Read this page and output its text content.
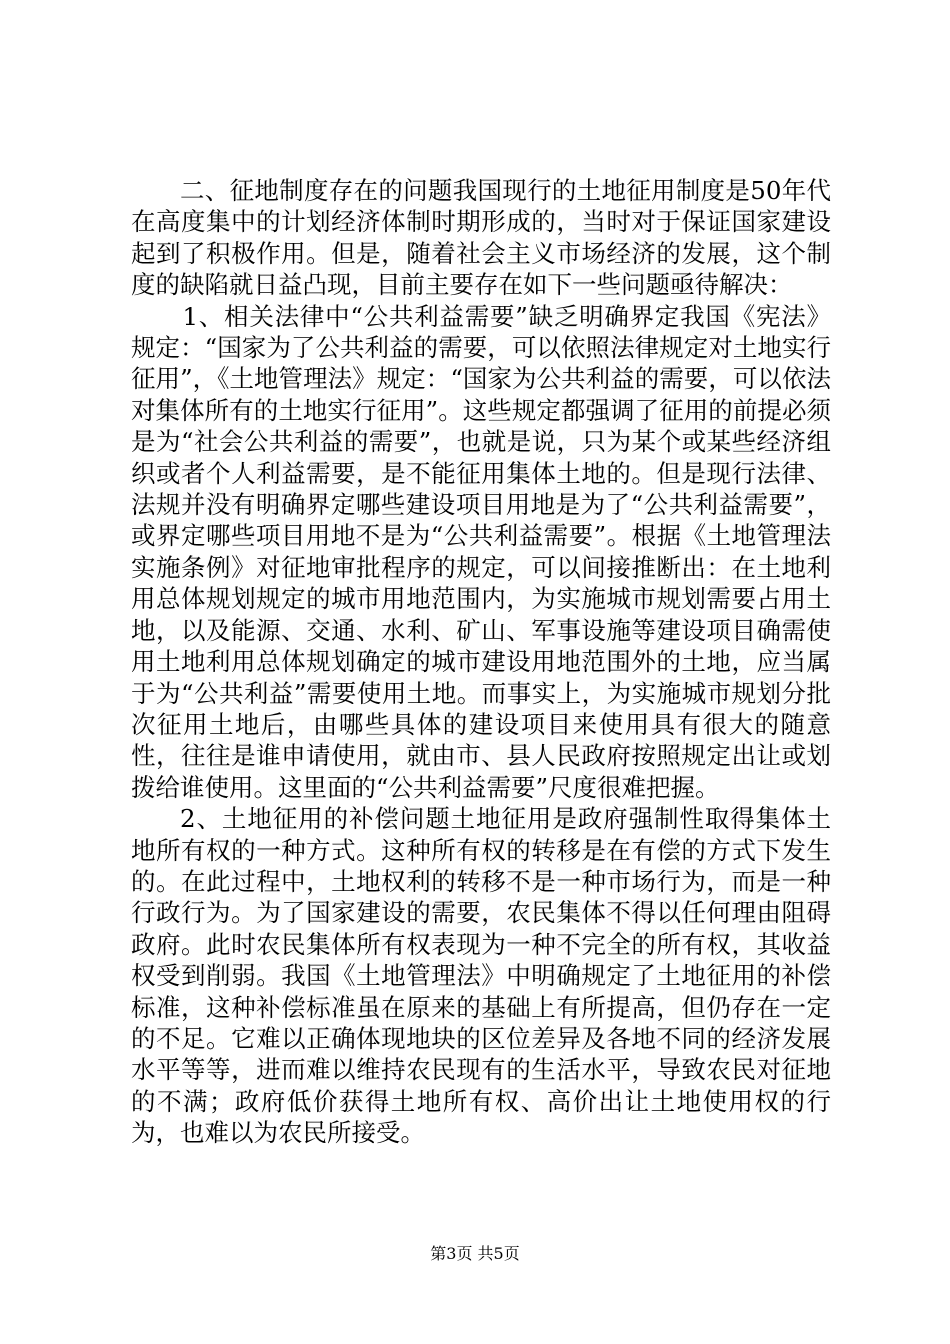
二、征地制度存在的问题我国现行的土地征用制度是50年代在高度集中的计划经济体制时期形成的，当时对于保证国家建设起到了积极作用。但是，随着社会主义市场经济的发展，这个制度的缺陷就日益凸现，目前主要存在如下一些问题亟待解决：

1、相关法律中“公共利益需要”缺乏明确界定我国《宪法》规定：“国家为了公共利益的需要，可以依照法律规定对土地实行征用”，《土地管理法》规定：“国家为公共利益的需要，可以依法对集体所有的土地实行征用”。这些规定都强调了征用的前提必须是为“社会公共利益的需要”，也就是说，只为某个或某些经济组织或者个人利益需要，是不能征用集体土地的。但是现行法律、法规并没有明确界定哪些建设项目用地是为了“公共利益需要”，或界定哪些项目用地不是为“公共利益需要”。根据《土地管理法实施条例》对征地审批程序的规定，可以间接推断出：在土地利用总体规划规定的城市用地范围内，为实施城市规划需要占用土地，以及能源、交通、水利、矿山、军事设施等建设项目确需使用土地利用总体规划确定的城市建设用地范围外的土地，应当属于为“公共利益”需要使用土地。而事实上，为实施城市规划分批次征用土地后，由哪些具体的建设项目来使用具有很大的随意性，往往是谁申请使用，就由市、县人民政府按照规定出让或划拨给谁使用。这里面的“公共利益需要”尺度很难把握。

2、土地征用的补偿问题土地征用是政府强制性取得集体土地所有权的一种方式。这种所有权的转移是在有偿的方式下发生的。在此过程中，土地权利的转移不是一种市场行为，而是一种行政行为。为了国家建设的需要，农民集体不得以任何理由阻碍政府。此时农民集体所有权表现为一种不完全的所有权，其收益权受到削弱。我国《土地管理法》中明确规定了土地征用的补偿标准，这种补偿标准虽在原来的基础上有所提高，但仍存在一定的不足。它难以正确体现地块的区位差异及各地不同的经济发展水平等等，进而难以维持农民现有的生活水平，导致农民对征地的不满；政府低价获得土地所有权、高价出让土地使用权的行为，也难以为农民所接受。

第3页 共5页
